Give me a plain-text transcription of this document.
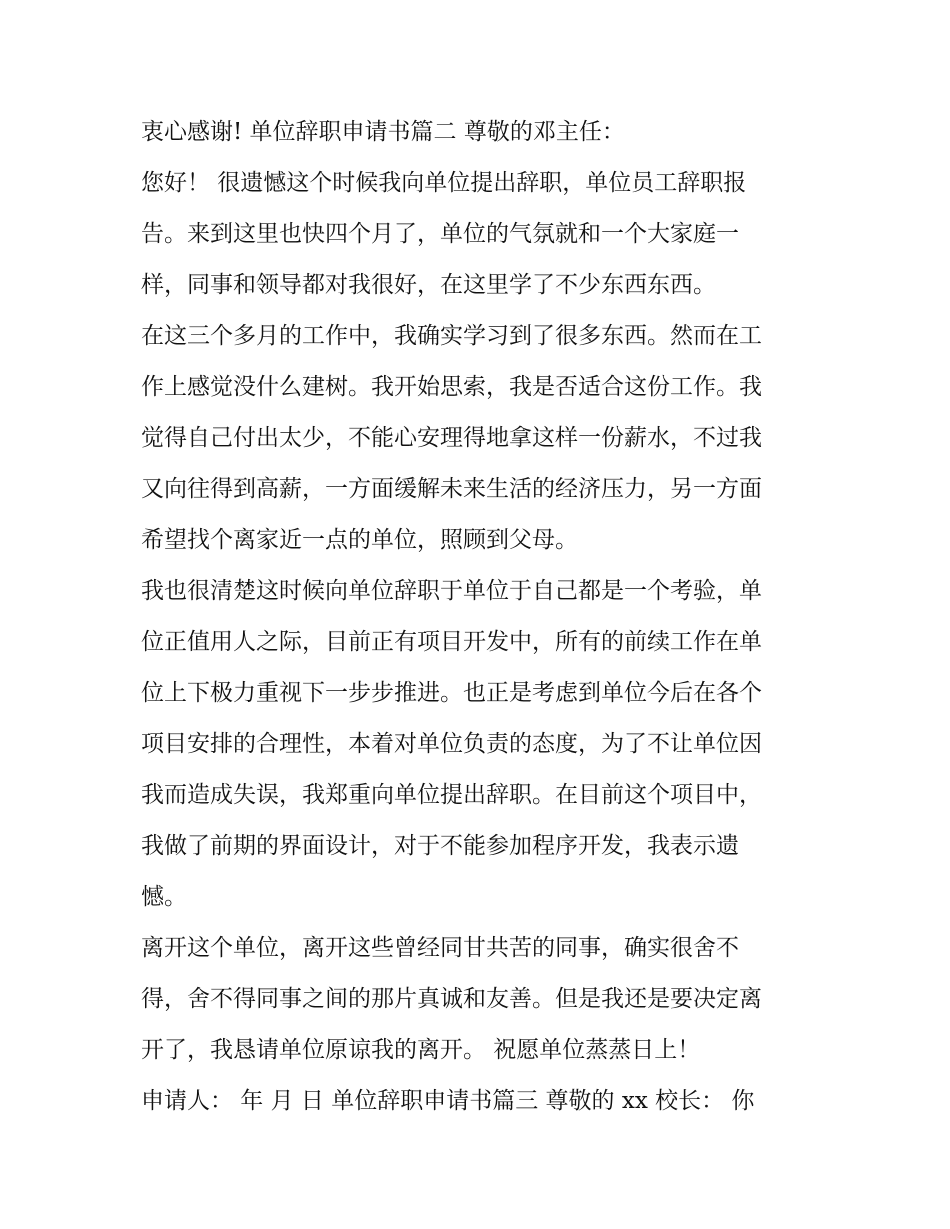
衷心感谢! 单位辞职申请书篇二 尊敬的邓主任：
您好！ 很遗憾这个时候我向单位提出辞职，单位员工辞职报
告。来到这里也快四个月了，单位的气氛就和一个大家庭一
样，同事和领导都对我很好，在这里学了不少东西东西。
在这三个多月的工作中，我确实学习到了很多东西。然而在工
作上感觉没什么建树。我开始思索，我是否适合这份工作。我
觉得自己付出太少，不能心安理得地拿这样一份薪水，不过我
又向往得到高薪，一方面缓解未来生活的经济压力，另一方面
希望找个离家近一点的单位，照顾到父母。
我也很清楚这时候向单位辞职于单位于自己都是一个考验，单
位正值用人之际，目前正有项目开发中，所有的前续工作在单
位上下极力重视下一步步推进。也正是考虑到单位今后在各个
项目安排的合理性，本着对单位负责的态度，为了不让单位因
我而造成失误，我郑重向单位提出辞职。在目前这个项目中，
我做了前期的界面设计，对于不能参加程序开发，我表示遗
憾。
离开这个单位，离开这些曾经同甘共苦的同事，确实很舍不
得，舍不得同事之间的那片真诚和友善。但是我还是要决定离
开了，我恳请单位原谅我的离开。 祝愿单位蒸蒸日上！
申请人： 年 月 日 单位辞职申请书篇三 尊敬的 xx 校长： 你
